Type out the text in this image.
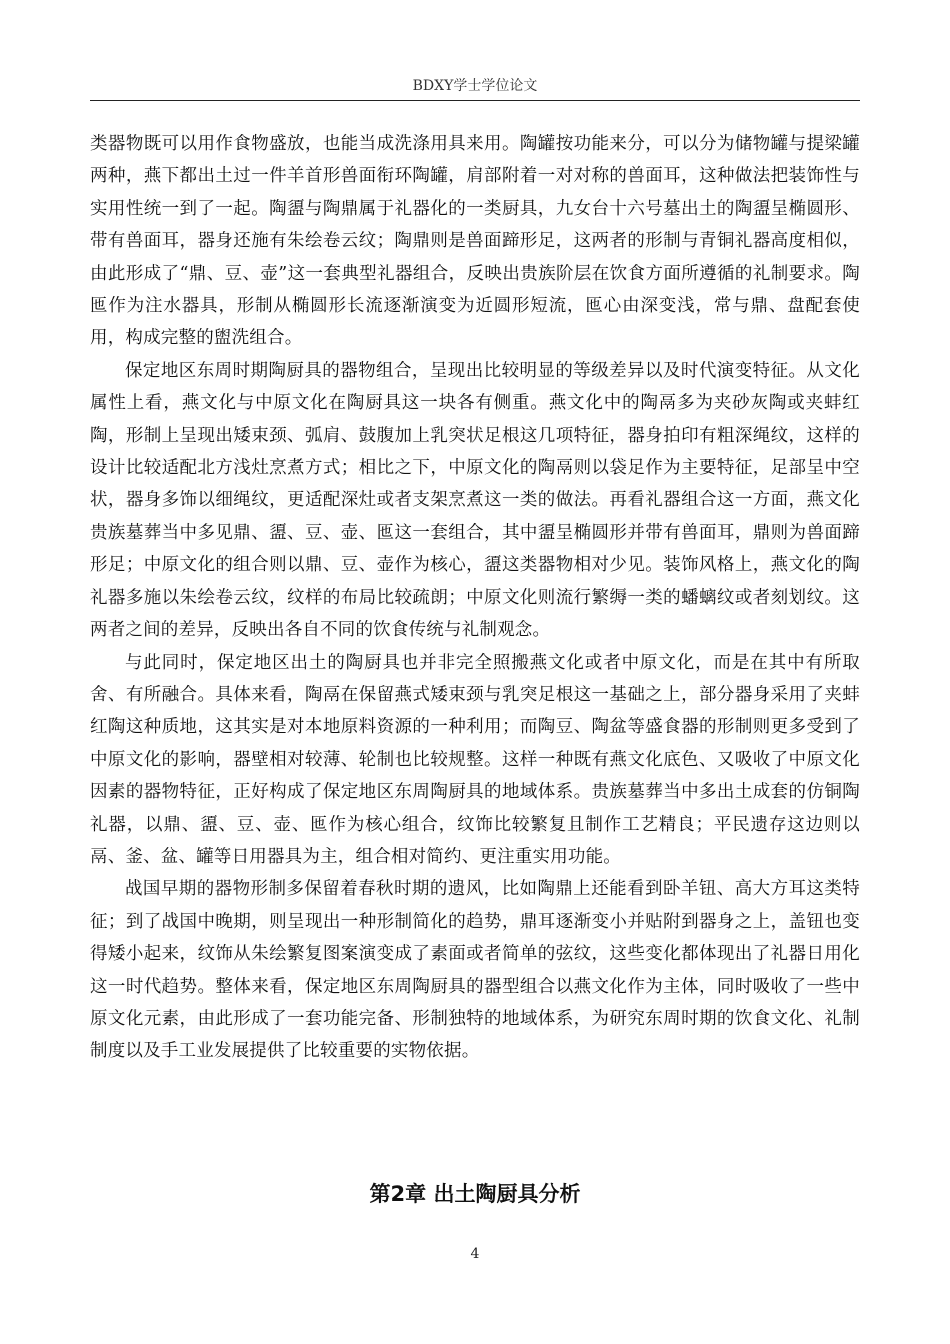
BDXY学士学位论文

类器物既可以用作食物盛放，也能当成洗涤用具来用。陶罐按功能来分，可以分为储物罐与提梁罐两种，燕下都出土过一件羊首形兽面衔环陶罐，肩部附着一对对称的兽面耳，这种做法把装饰性与实用性统一到了一起。陶盨与陶鼎属于礼器化的一类厨具，九女台十六号墓出土的陶盨呈椭圆形、带有兽面耳，器身还施有朱绘卷云纹；陶鼎则是兽面蹄形足，这两者的形制与青铜礼器高度相似，由此形成了“鼎、豆、壶”这一套典型礼器组合，反映出贵族阶层在饮食方面所遵循的礼制要求。陶匜作为注水器具，形制从椭圆形长流逐渐演变为近圆形短流，匜心由深变浅，常与鼎、盘配套使用，构成完整的盥洗组合。

保定地区东周时期陶厨具的器物组合，呈现出比较明显的等级差异以及时代演变特征。从文化属性上看，燕文化与中原文化在陶厨具这一块各有侧重。燕文化中的陶鬲多为夹砂灰陶或夹蚌红陶，形制上呈现出矮束颈、弧肩、鼓腹加上乳突状足根这几项特征，器身拍印有粗深绳纹，这样的设计比较适配北方浅灶烹煮方式；相比之下，中原文化的陶鬲则以袋足作为主要特征，足部呈中空状，器身多饰以细绳纹，更适配深灶或者支架烹煮这一类的做法。再看礼器组合这一方面，燕文化贵族墓葬当中多见鼎、盨、豆、壶、匜这一套组合，其中盨呈椭圆形并带有兽面耳，鼎则为兽面蹄形足；中原文化的组合则以鼎、豆、壶作为核心，盨这类器物相对少见。装饰风格上，燕文化的陶礼器多施以朱绘卷云纹，纹样的布局比较疏朗；中原文化则流行繁缛一类的蟠螭纹或者刻划纹。这两者之间的差异，反映出各自不同的饮食传统与礼制观念。

与此同时，保定地区出土的陶厨具也并非完全照搬燕文化或者中原文化，而是在其中有所取舍、有所融合。具体来看，陶鬲在保留燕式矮束颈与乳突足根这一基础之上，部分器身采用了夹蚌红陶这种质地，这其实是对本地原料资源的一种利用；而陶豆、陶盆等盛食器的形制则更多受到了中原文化的影响，器壁相对较薄、轮制也比较规整。这样一种既有燕文化底色、又吸收了中原文化因素的器物特征，正好构成了保定地区东周陶厨具的地域体系。贵族墓葬当中多出土成套的仿铜陶礼器，以鼎、盨、豆、壶、匜作为核心组合，纹饰比较繁复且制作工艺精良；平民遗存这边则以鬲、釜、盆、罐等日用器具为主，组合相对简约、更注重实用功能。

战国早期的器物形制多保留着春秋时期的遗风，比如陶鼎上还能看到卧羊钮、高大方耳这类特征；到了战国中晚期，则呈现出一种形制简化的趋势，鼎耳逐渐变小并贴附到器身之上，盖钮也变得矮小起来，纹饰从朱绘繁复图案演变成了素面或者简单的弦纹，这些变化都体现出了礼器日用化这一时代趋势。整体来看，保定地区东周陶厨具的器型组合以燕文化作为主体，同时吸收了一些中原文化元素，由此形成了一套功能完备、形制独特的地域体系，为研究东周时期的饮食文化、礼制制度以及手工业发展提供了比较重要的实物依据。

第2章 出土陶厨具分析
4
